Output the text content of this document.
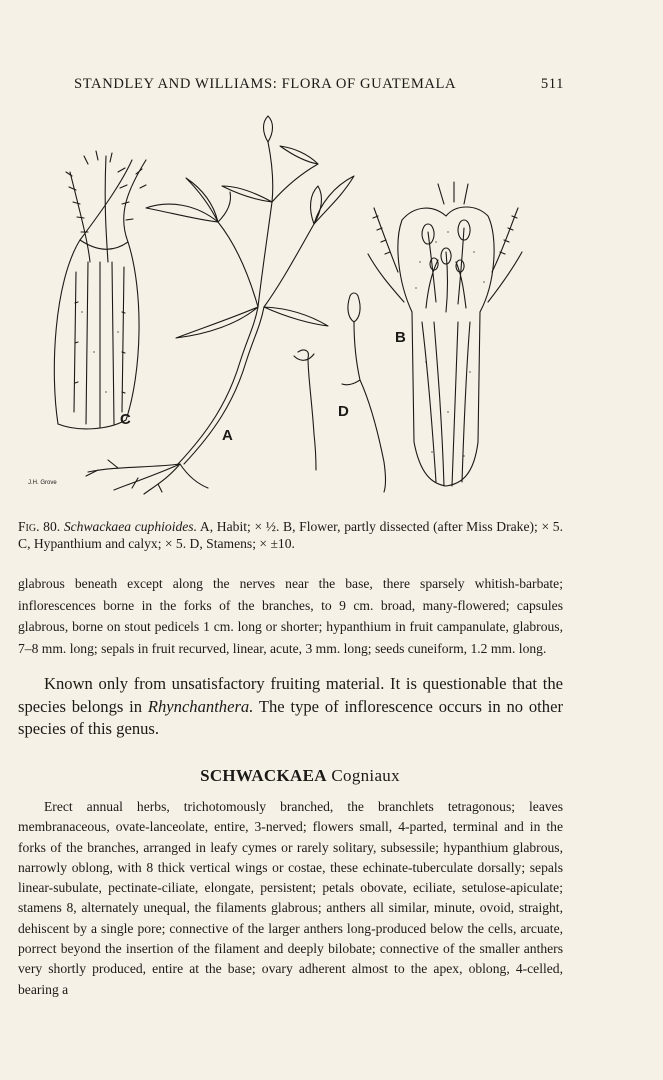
STANDLEY AND WILLIAMS: FLORA OF GUATEMALA	511
C
A
D
B
J.H. Grove
Fig. 80. Schwackaea cuphioides. A, Habit; × ½. B, Flower, partly dissected (after Miss Drake); × 5. C, Hypanthium and calyx; × 5. D, Stamens; × ±10.

glabrous beneath except along the nerves near the base, there sparsely whitish-barbate; inflorescences borne in the forks of the branches, to 9 cm. broad, many-flowered; capsules glabrous, borne on stout pedicels 1 cm. long or shorter; hypanthium in fruit campanulate, glabrous, 7–8 mm. long; sepals in fruit recurved, linear, acute, 3 mm. long; seeds cuneiform, 1.2 mm. long.

Known only from unsatisfactory fruiting material. It is questionable that the species belongs in Rhynchanthera. The type of inflorescence occurs in no other species of this genus.

SCHWACKAEA Cogniaux

Erect annual herbs, trichotomously branched, the branchlets tetragonous; leaves membranaceous, ovate-lanceolate, entire, 3-nerved; flowers small, 4-parted, terminal and in the forks of the branches, arranged in leafy cymes or rarely solitary, subsessile; hypanthium glabrous, narrowly oblong, with 8 thick vertical wings or costae, these echinate-tuberculate dorsally; sepals linear-subulate, pectinate-ciliate, elongate, persistent; petals obovate, eciliate, setulose-apiculate; stamens 8, alternately unequal, the filaments glabrous; anthers all similar, minute, ovoid, straight, dehiscent by a single pore; connective of the larger anthers long-produced below the cells, arcuate, porrect beyond the insertion of the filament and deeply bilobate; connective of the smaller anthers very shortly produced, entire at the base; ovary adherent almost to the apex, oblong, 4-celled, bearing a
